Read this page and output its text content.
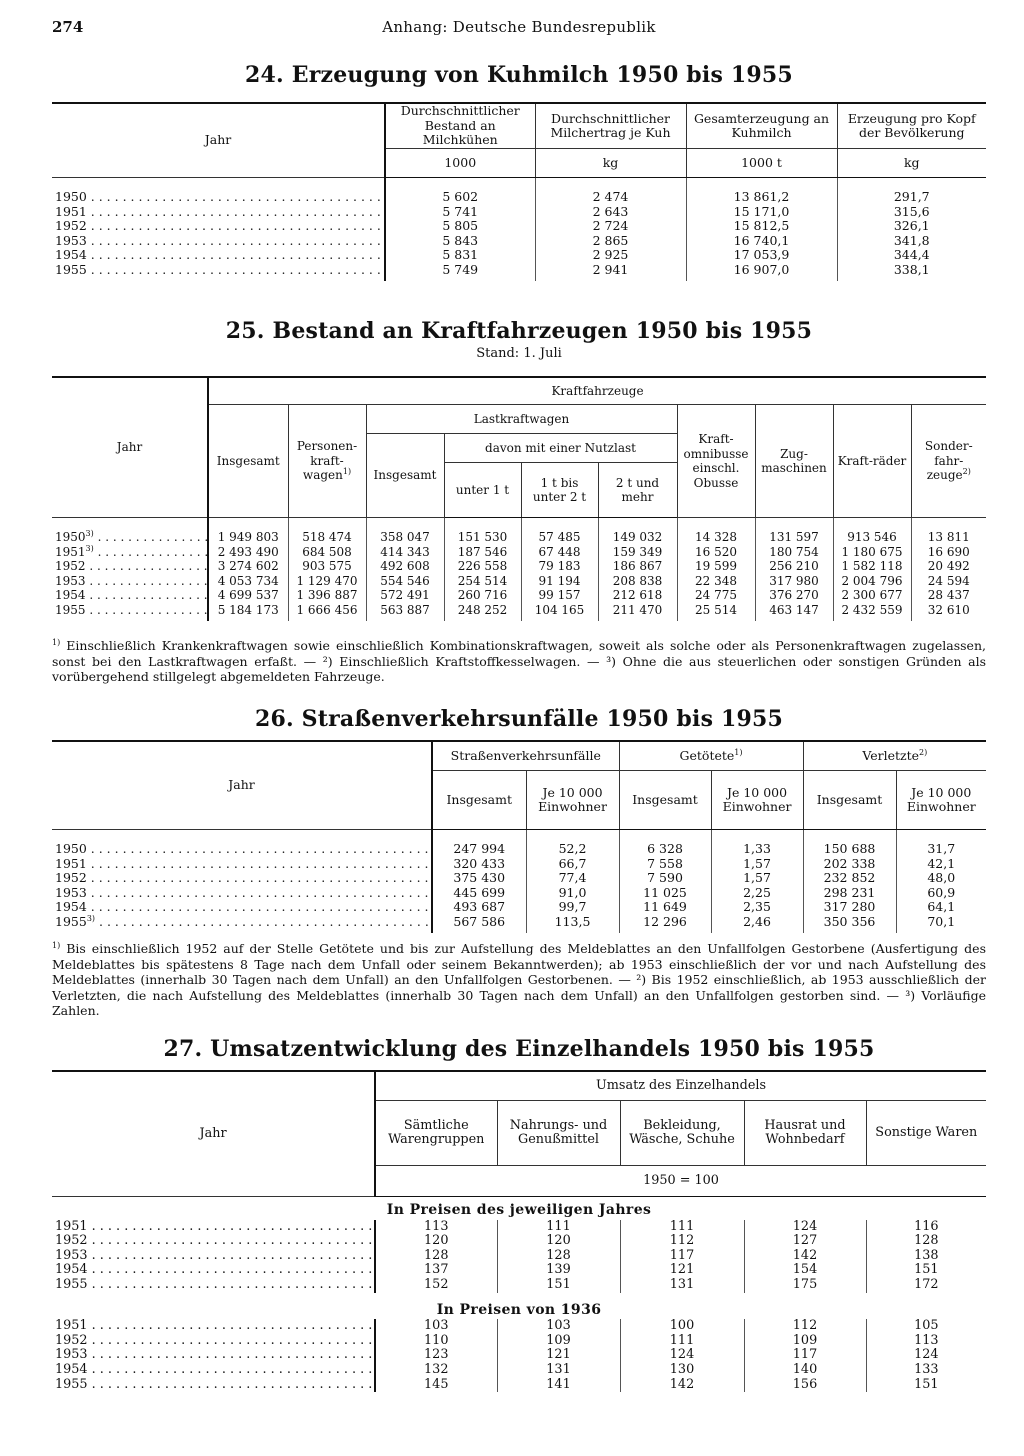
274	Anhang: Deutsche Bundesrepublik
24. Erzeugung von Kuhmilch 1950 bis 1955
Jahr	Durchschnittlicher Bestand an Milchkühen	Durchschnittlicher Milchertrag je Kuh	Gesamterzeugung an Kuhmilch	Erzeugung pro Kopf der Bevölkerung
	1000	kg	1000 t	kg
1950 . . .	5 602	2 474	13 861,2	291,7
1951 . . .	5 741	2 643	15 171,0	315,6
1952 . . .	5 805	2 724	15 812,5	326,1
1953 . . .	5 843	2 865	16 740,1	341,8
1954 . . .	5 831	2 925	17 053,9	344,4
1955 . . .	5 749	2 941	16 907,0	338,1
25. Bestand an Kraftfahrzeugen 1950 bis 1955
Stand: 1. Juli
Jahr	Kraftfahrzeuge									
	Insgesamt	Personen-kraft-wagen$^{1)}$	Lastkraftwagen				Kraft-omnibusse einschl. Obusse	Zug-maschinen	Kraft-räder	Sonder-fahr-zeuge$^{2)}$
			Insgesamt	davon mit einer Nutzlast						
				unter 1 t	1 t bis unter 2 t	2 t und mehr				
1950$^{3)}$ . . .	1 949 803	518 474	358 047	151 530	57 485	149 032	14 328	131 597	913 546	13 811
1951$^{3)}$ . . .	2 493 490	684 508	414 343	187 546	67 448	159 349	16 520	180 754	1 180 675	16 690
1952 . . .	3 274 602	903 575	492 608	226 558	79 183	186 867	19 599	256 210	1 582 118	20 492
1953 . . .	4 053 734	1 129 470	554 546	254 514	91 194	208 838	22 348	317 980	2 004 796	24 594
1954 . . .	4 699 537	1 396 887	572 491	260 716	99 157	212 618	24 775	376 270	2 300 677	28 437
1955 . . .	5 184 173	1 666 456	563 887	248 252	104 165	211 470	25 514	463 147	2 432 559	32 610

$^{1)}$ Einschließlich Krankenkraftwagen sowie einschließlich Kombinationskraftwagen, soweit als solche oder als Personenkraftwagen zugelassen, sonst bei den Lastkraftwagen erfaßt. — ²) Einschließlich Kraftstoffkesselwagen. — ³) Ohne die aus steuerlichen oder sonstigen Gründen als vorübergehend stillgelegt abgemeldeten Fahrzeuge.

26. Straßenverkehrsunfälle 1950 bis 1955
Jahr	Straßenverkehrsunfälle		Getötete$^{1)}$		Verletzte$^{2)}$
	Insgesamt	Je 10 000 Einwohner	Insgesamt	Je 10 000 Einwohner	Insgesamt	Je 10 000 Einwohner
1950 . . .	247 994	52,2	6 328	1,33	150 688	31,7
1951 . . .	320 433	66,7	7 558	1,57	202 338	42,1
1952 . . .	375 430	77,4	7 590	1,57	232 852	48,0
1953 . . .	445 699	91,0	11 025	2,25	298 231	60,9
1954 . . .	493 687	99,7	11 649	2,35	317 280	64,1
1955$^{3)}$ . . .	567 586	113,5	12 296	2,46	350 356	70,1

$^{1)}$ Bis einschließlich 1952 auf der Stelle Getötete und bis zur Aufstellung des Meldeblattes an den Unfallfolgen Gestorbene (Ausfertigung des Meldeblattes bis spätestens 8 Tage nach dem Unfall oder seinem Bekanntwerden); ab 1953 einschließlich der vor und nach Aufstellung des Meldeblattes (innerhalb 30 Tagen nach dem Unfall) an den Unfallfolgen Gestorbenen. — ²) Bis 1952 einschließlich, ab 1953 ausschließlich der Verletzten, die nach Aufstellung des Meldeblattes (innerhalb 30 Tagen nach dem Unfall) an den Unfallfolgen gestorben sind. — ³) Vorläufige Zahlen.

27. Umsatzentwicklung des Einzelhandels 1950 bis 1955
Jahr	Umsatz des Einzelhandels				
	Sämtliche Warengruppen	Nahrungs- und Genußmittel	Bekleidung, Wäsche, Schuhe	Hausrat und Wohnbedarf	Sonstige Waren
	1950 = 100				
In Preisen des jeweiligen Jahres					
1951 . . .	113	111	111	124	116
1952 . . .	120	120	112	127	128
1953 . . .	128	128	117	142	138
1954 . . .	137	139	121	154	151
1955 . . .	152	151	131	175	172
In Preisen von 1936					
1951 . . .	103	103	100	112	105
1952 . . .	110	109	111	109	113
1953 . . .	123	121	124	117	124
1954 . . .	132	131	130	140	133
1955 . . .	145	141	142	156	151
